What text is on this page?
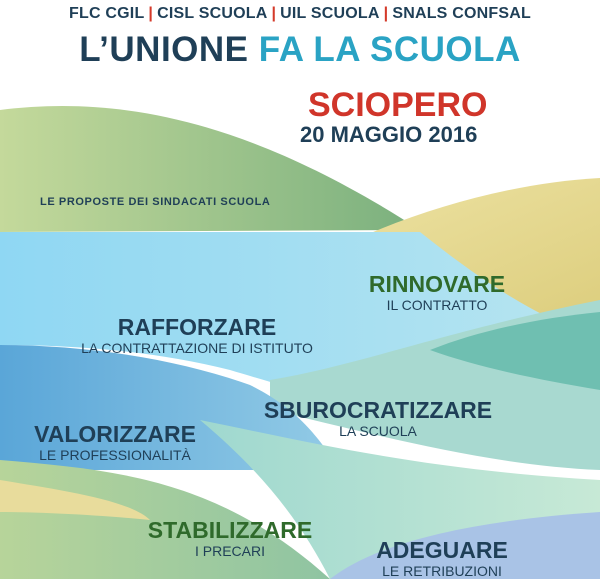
FLC CGIL | CISL SCUOLA | UIL SCUOLA | SNALS CONFSAL
L’UNIONE FA LA SCUOLA
SCIOPERO
20 MAGGIO 2016
LE PROPOSTE DEI SINDACATI SCUOLA
RINNOVARE
IL CONTRATTO
RAFFORZARE
LA CONTRATTAZIONE DI ISTITUTO
SBUROCRATIZZARE
LA SCUOLA
VALORIZZARE
LE PROFESSIONALITÀ
STABILIZZARE
I PRECARI	ADEGUARE
LE RETRIBUZIONI
